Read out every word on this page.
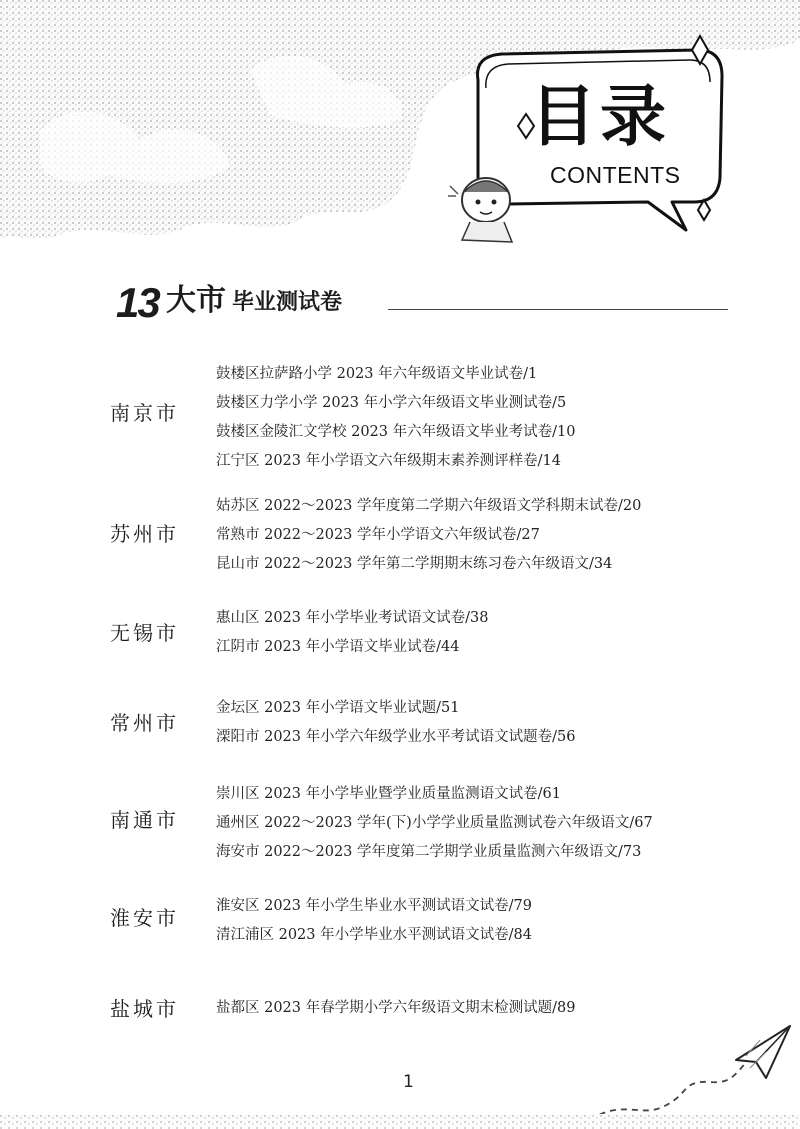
目录
CONTENTS
13 大市 毕业测试卷
南京市
鼓楼区拉萨路小学 2023 年六年级语文毕业试卷/1
鼓楼区力学小学 2023 年小学六年级语文毕业测试卷/5
鼓楼区金陵汇文学校 2023 年六年级语文毕业考试卷/10
江宁区 2023 年小学语文六年级期末素养测评样卷/14
苏州市
姑苏区 2022～2023 学年度第二学期六年级语文学科期末试卷/20
常熟市 2022～2023 学年小学语文六年级试卷/27
昆山市 2022～2023 学年第二学期期末练习卷六年级语文/34
无锡市
惠山区 2023 年小学毕业考试语文试卷/38
江阴市 2023 年小学语文毕业试卷/44
常州市
金坛区 2023 年小学语文毕业试题/51
溧阳市 2023 年小学六年级学业水平考试语文试题卷/56
南通市
崇川区 2023 年小学毕业暨学业质量监测语文试卷/61
通州区 2022～2023 学年(下)小学学业质量监测试卷六年级语文/67
海安市 2022～2023 学年度第二学期学业质量监测六年级语文/73
淮安市	淮安区 2023 年小学生毕业水平测试语文试卷/79
清江浦区 2023 年小学毕业水平测试语文试卷/84
盐城市	盐都区 2023 年春学期小学六年级语文期末检测试题/89
1
